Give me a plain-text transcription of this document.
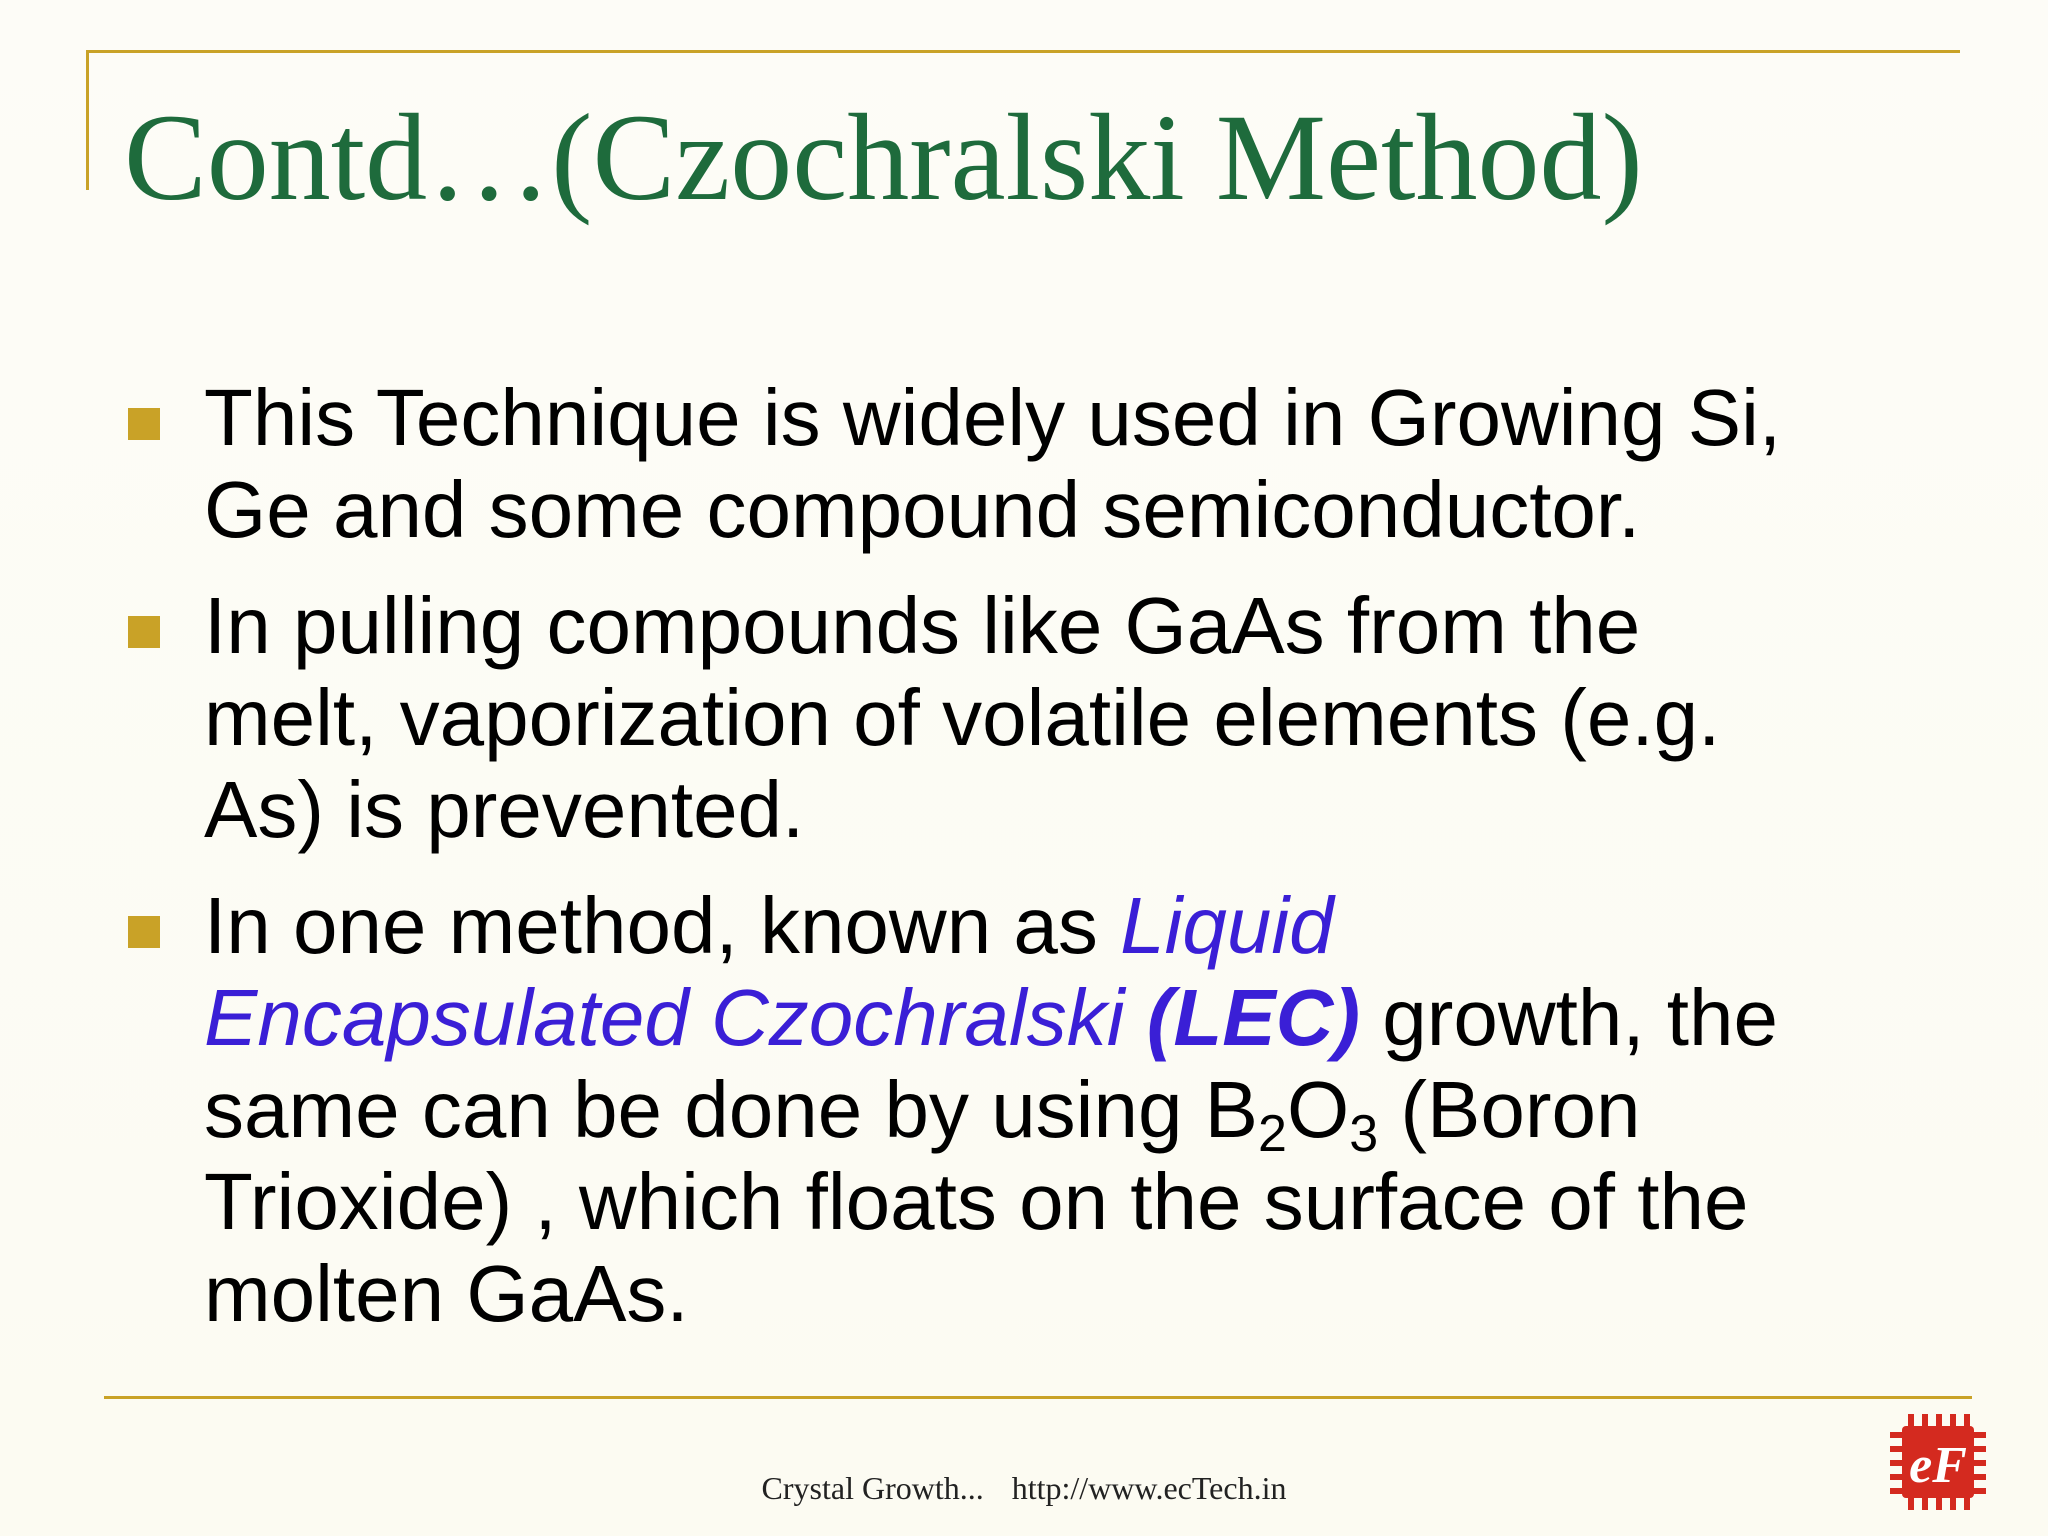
Contd…(Czochralski Method)
This Technique is widely used in Growing Si,
Ge and some compound semiconductor.
In pulling compounds like GaAs from the
melt, vaporization of volatile elements (e.g.
As) is prevented.
In one method, known as Liquid
Encapsulated Czochralski (LEC) growth, the
same can be done by using $B_2O_3$ (Boron
Trioxide) , which floats on the surface of the
molten GaAs.
Crystal Growth... http://www.ecTech.in	eF
